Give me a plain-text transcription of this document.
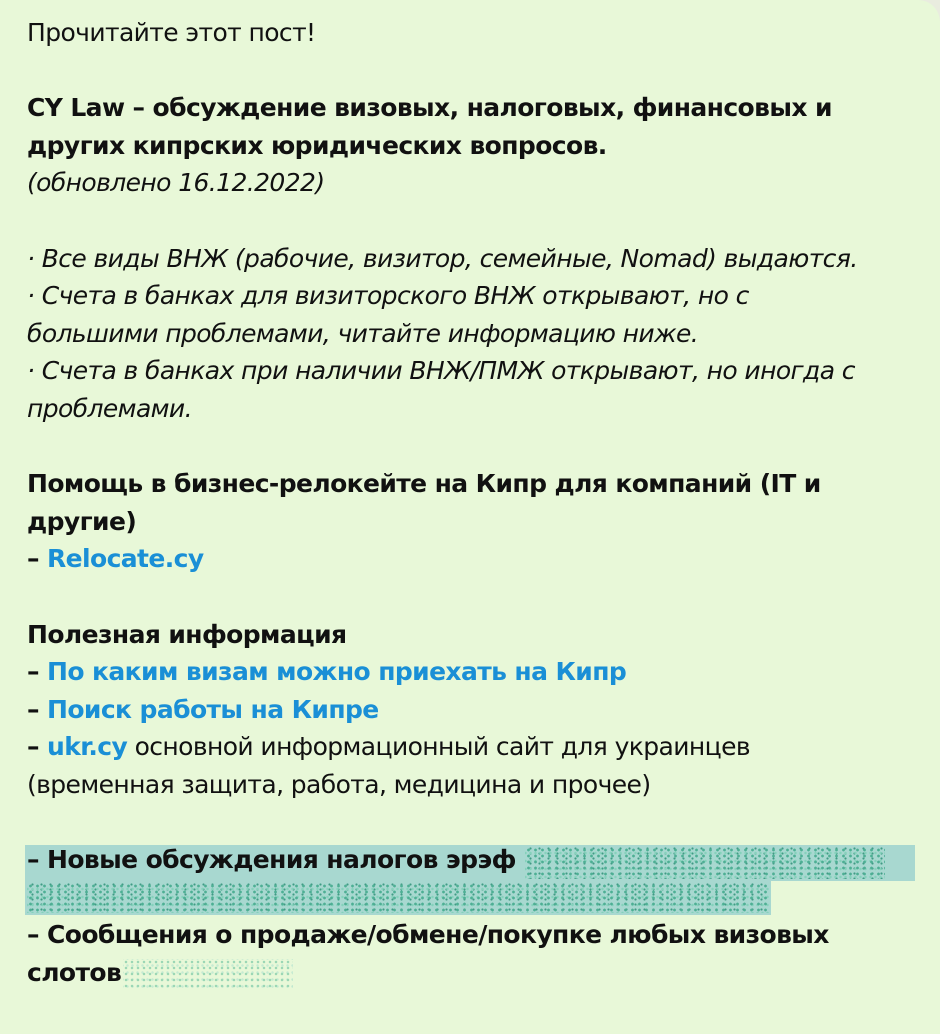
Прочитайте этот пост!
CY Law – обсуждение визовых, налоговых, финансовых и
других кипрских юридических вопросов.
(обновлено 16.12.2022)
· Все виды ВНЖ (рабочие, визитор, семейные, Nomad) выдаются.
· Счета в банках для визиторского ВНЖ открывают, но с
большими проблемами, читайте информацию ниже.
· Счета в банках при наличии ВНЖ/ПМЖ открывают, но иногда с
проблемами.
Помощь в бизнес-релокейте на Кипр для компаний (IT и
другие)
– Relocate.cy
Полезная информация
– По каким визам можно приехать на Кипр
– Поиск работы на Кипре
– ukr.cy основной информационный сайт для украинцев
(временная защита, работа, медицина и прочее)
– Новые обсуждения налогов эрэф
– Сообщения о продаже/обмене/покупке любых визовых
слотов
